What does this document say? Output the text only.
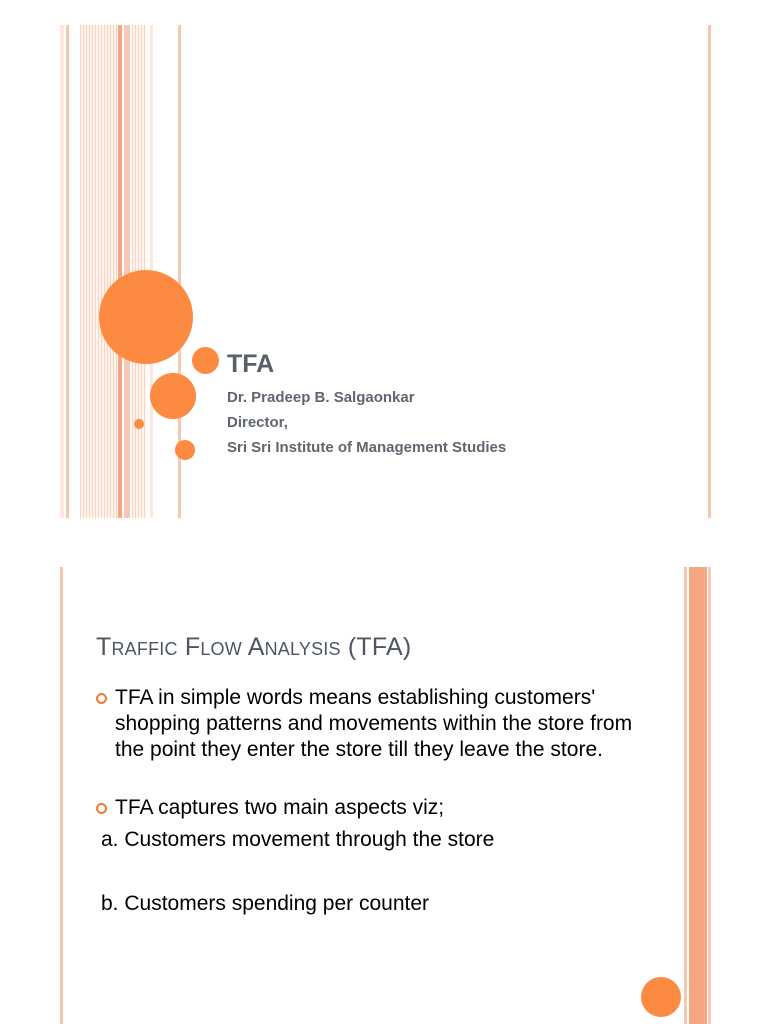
TFA
Dr. Pradeep B. Salgaonkar
Director,
Sri Sri Institute of Management Studies
TRAFFIC FLOW ANALYSIS (TFA)
TFA in simple words means establishing customers' shopping patterns and movements within the store from the point they enter the store till they leave the store.
TFA captures two main aspects viz;
a. Customers movement through the store
b. Customers spending per counter
